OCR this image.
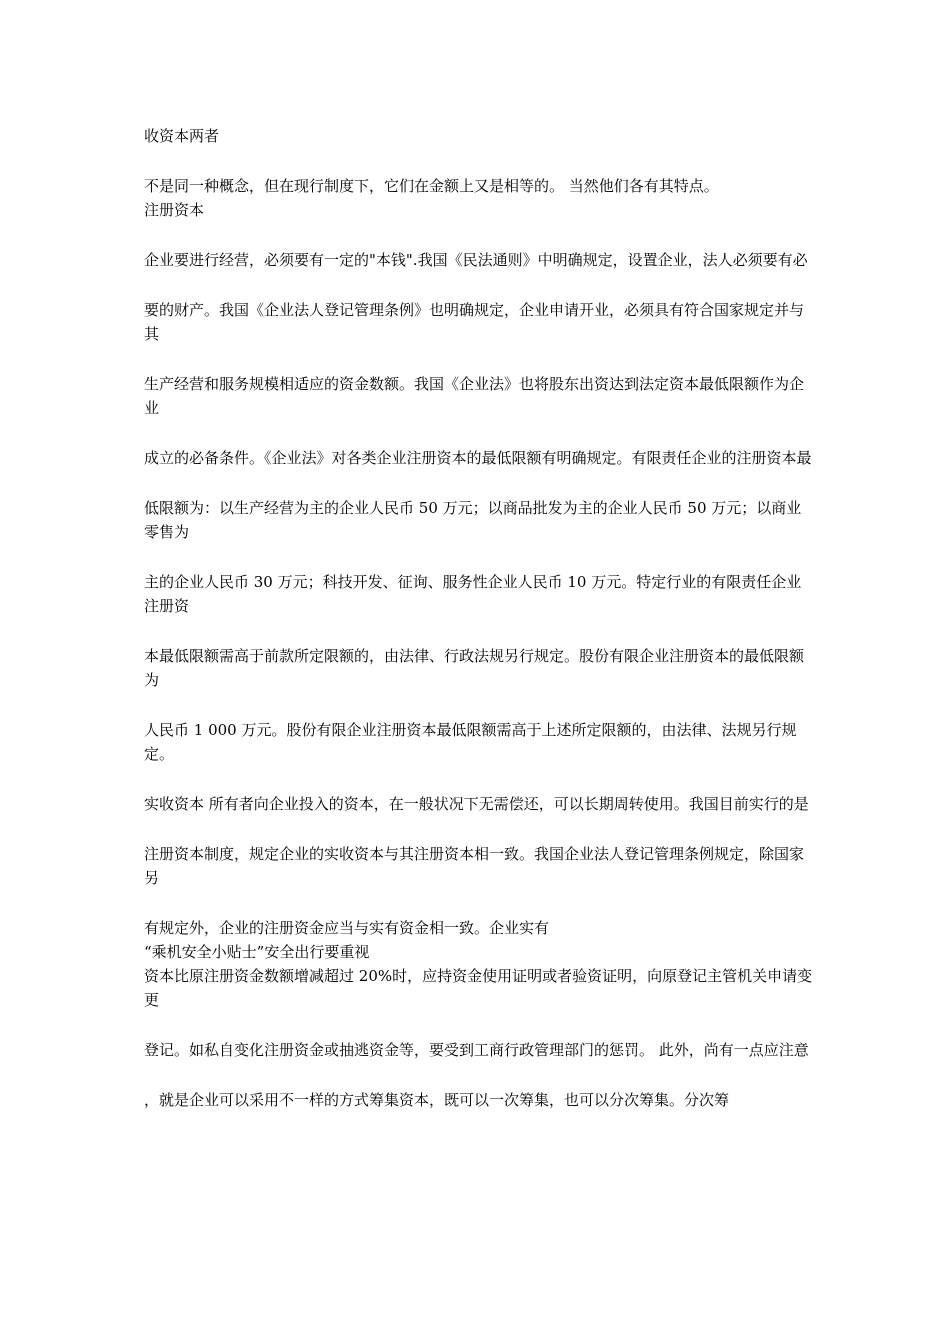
收资本两者

不是同一种概念，但在现行制度下，它们在金额上又是相等的。 当然他们各有其特点。

注册资本

企业要进行经营，必须要有一定的"本钱".我国《民法通则》中明确规定，设置企业，法人必须要有必

要的财产。我国《企业法人登记管理条例》也明确规定，企业申请开业，必须具有符合国家规定并与其

生产经营和服务规模相适应的资金数额。我国《企业法》也将股东出资达到法定资本最低限额作为企业

成立的必备条件。《企业法》对各类企业注册资本的最低限额有明确规定。有限责任企业的注册资本最

低限额为：以生产经营为主的企业人民币 50 万元；以商品批发为主的企业人民币 50 万元；以商业零售为

主的企业人民币 30 万元；科技开发、征询、服务性企业人民币 10 万元。特定行业的有限责任企业注册资

本最低限额需高于前款所定限额的，由法律、行政法规另行规定。股份有限企业注册资本的最低限额为

人民币 1 000 万元。股份有限企业注册资本最低限额需高于上述所定限额的，由法律、法规另行规定。

实收资本 所有者向企业投入的资本，在一般状况下无需偿还，可以长期周转使用。我国目前实行的是

注册资本制度，规定企业的实收资本与其注册资本相一致。我国企业法人登记管理条例规定，除国家另

有规定外，企业的注册资金应当与实有资金相一致。企业实有

“乘机安全小贴士”安全出行要重视

资本比原注册资金数额增减超过 20%时，应持资金使用证明或者验资证明，向原登记主管机关申请变更

登记。如私自变化注册资金或抽逃资金等，要受到工商行政管理部门的惩罚。 此外，尚有一点应注意

，就是企业可以采用不一样的方式筹集资本，既可以一次筹集，也可以分次筹集。分次筹
